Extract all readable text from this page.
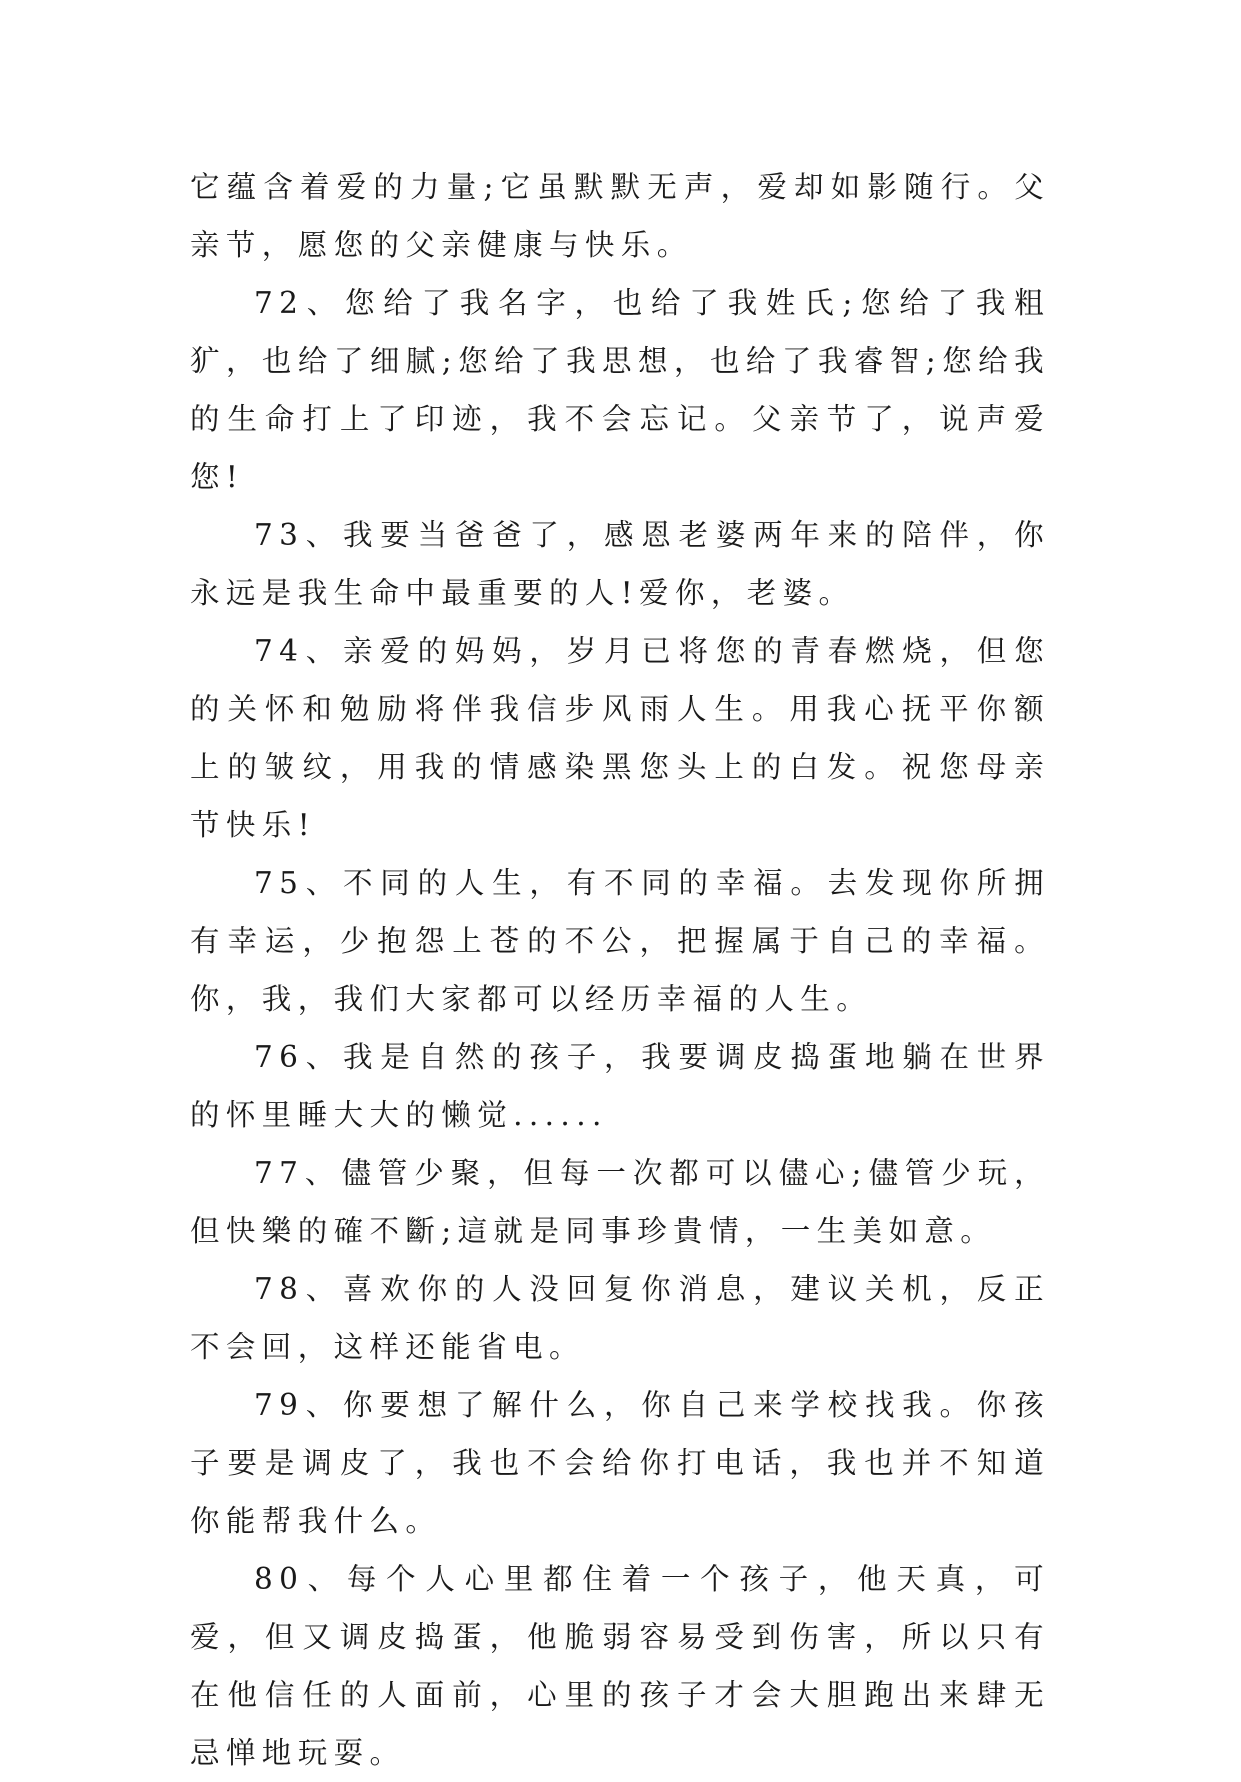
它蕴含着爱的力量;它虽默默无声，爱却如影随行。父亲节，愿您的父亲健康与快乐。

72、您给了我名字，也给了我姓氏;您给了我粗犷，也给了细腻;您给了我思想，也给了我睿智;您给我的生命打上了印迹，我不会忘记。父亲节了，说声爱您!

73、我要当爸爸了，感恩老婆两年来的陪伴，你永远是我生命中最重要的人!爱你，老婆。

74、亲爱的妈妈，岁月已将您的青春燃烧，但您的关怀和勉励将伴我信步风雨人生。用我心抚平你额上的皱纹，用我的情感染黑您头上的白发。祝您母亲节快乐!

75、不同的人生，有不同的幸福。去发现你所拥有幸运，少抱怨上苍的不公，把握属于自己的幸福。你，我，我们大家都可以经历幸福的人生。

76、我是自然的孩子，我要调皮捣蛋地躺在世界的怀里睡大大的懒觉......

77、儘管少聚，但每一次都可以儘心;儘管少玩，但快樂的確不斷;這就是同事珍貴情，一生美如意。

78、喜欢你的人没回复你消息，建议关机，反正不会回，这样还能省电。

79、你要想了解什么，你自己来学校找我。你孩子要是调皮了，我也不会给你打电话，我也并不知道你能帮我什么。

80、每个人心里都住着一个孩子，他天真，可爱，但又调皮捣蛋，他脆弱容易受到伤害，所以只有在他信任的人面前，心里的孩子才会大胆跑出来肆无忌惮地玩耍。
